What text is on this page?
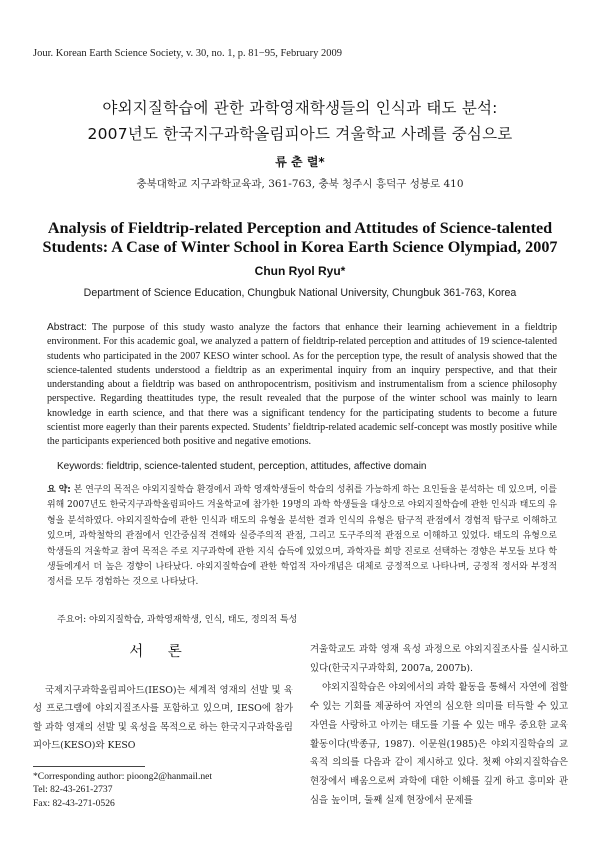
Jour. Korean Earth Science Society, v. 30, no. 1, p. 81−95, February 2009
야외지질학습에 관한 과학영재학생들의 인식과 태도 분석:
2007년도 한국지구과학올림피아드 겨울학교 사례를 중심으로
류 춘 렬*
충북대학교 지구과학교육과, 361-763, 충북 청주시 흥덕구 성봉로 410
Analysis of Fieldtrip-related Perception and Attitudes of Science-talented
Students: A Case of Winter School in Korea Earth Science Olympiad, 2007
Chun Ryol Ryu*
Department of Science Education, Chungbuk National University, Chungbuk 361-763, Korea
Abstract: The purpose of this study wasto analyze the factors that enhance their learning achievement in a fieldtrip environment. For this academic goal, we analyzed a pattern of fieldtrip-related perception and attitudes of 19 science-talented students who participated in the 2007 KESO winter school. As for the perception type, the result of analysis showed that the science-talented students understood a fieldtrip as an experimental inquiry from an inquiry perspective, and that their understanding about a fieldtrip was based on anthropocentrism, positivism and instrumentalism from a science philosophy perspective. Regarding theattitudes type, the result revealed that the purpose of the winter school was mainly to learn knowledge in earth science, and that there was a significant tendency for the participating students to become a future scientist more eagerly than their parents expected. Students’ fieldtrip-related academic self-concept was mostly positive while the participants experienced both positive and negative emotions.
Keywords: fieldtrip, science-talented student, perception, attitudes, affective domain
요 약: 본 연구의 목적은 야외지질학습 환경에서 과학 영재학생들이 학습의 성취를 가능하게 하는 요인들을 분석하는 데 있으며, 이를 위해 2007년도 한국지구과학올림피아드 겨울학교에 참가한 19명의 과학 학생들을 대상으로 야외지질학습에 관한 인식과 태도의 유형을 분석하였다. 야외지질학습에 관한 인식과 태도의 유형을 분석한 결과 인식의 유형은 탐구적 관점에서 경험적 탐구로 이해하고 있으며, 과학철학의 관점에서 인간중심적 견해와 실증주의적 관점, 그리고 도구주의적 관점으로 이해하고 있었다. 태도의 유형으로 학생들의 겨울학교 참여 목적은 주로 지구과학에 관한 지식 습득에 있었으며, 과학자를 희망 진로로 선택하는 경향은 부모들 보다 학생들에게서 더 높은 경향이 나타났다. 야외지질학습에 관한 학업적 자아개념은 대체로 긍정적으로 나타나며, 긍정적 정서와 부정적 정서를 모두 경험하는 것으로 나타났다.
주요어: 야외지질학습, 과학영재학생, 인식, 태도, 정의적 특성
서 론

국제지구과학올림피아드(IESO)는 세계적 영재의 선발 및 육성 프로그램에 야외지질조사를 포함하고 있으며, IESO에 참가할 과학 영재의 선발 및 육성을 목적으로 하는 한국지구과학올림피아드(KESO)와 KESO

겨울학교도 과학 영재 육성 과정으로 야외지질조사를 실시하고 있다(한국지구과학회, 2007a, 2007b).

야외지질학습은 야외에서의 과학 활동을 통해서 자연에 접할 수 있는 기회를 제공하여 자연의 심오한 의미를 터득할 수 있고 자연을 사랑하고 아끼는 태도를 기를 수 있는 매우 중요한 교육활동이다(박종규, 1987). 이문원(1985)은 야외지질학습의 교육적 의의를 다음과 같이 제시하고 있다. 첫째 야외지질학습은 현장에서 배움으로써 과학에 대한 이해를 깊게 하고 흥미와 관심을 높이며, 둘째 실제 현장에서 문제를

*Corresponding author: pioong2@hanmail.net
Tel: 82-43-261-2737
Fax: 82-43-271-0526
